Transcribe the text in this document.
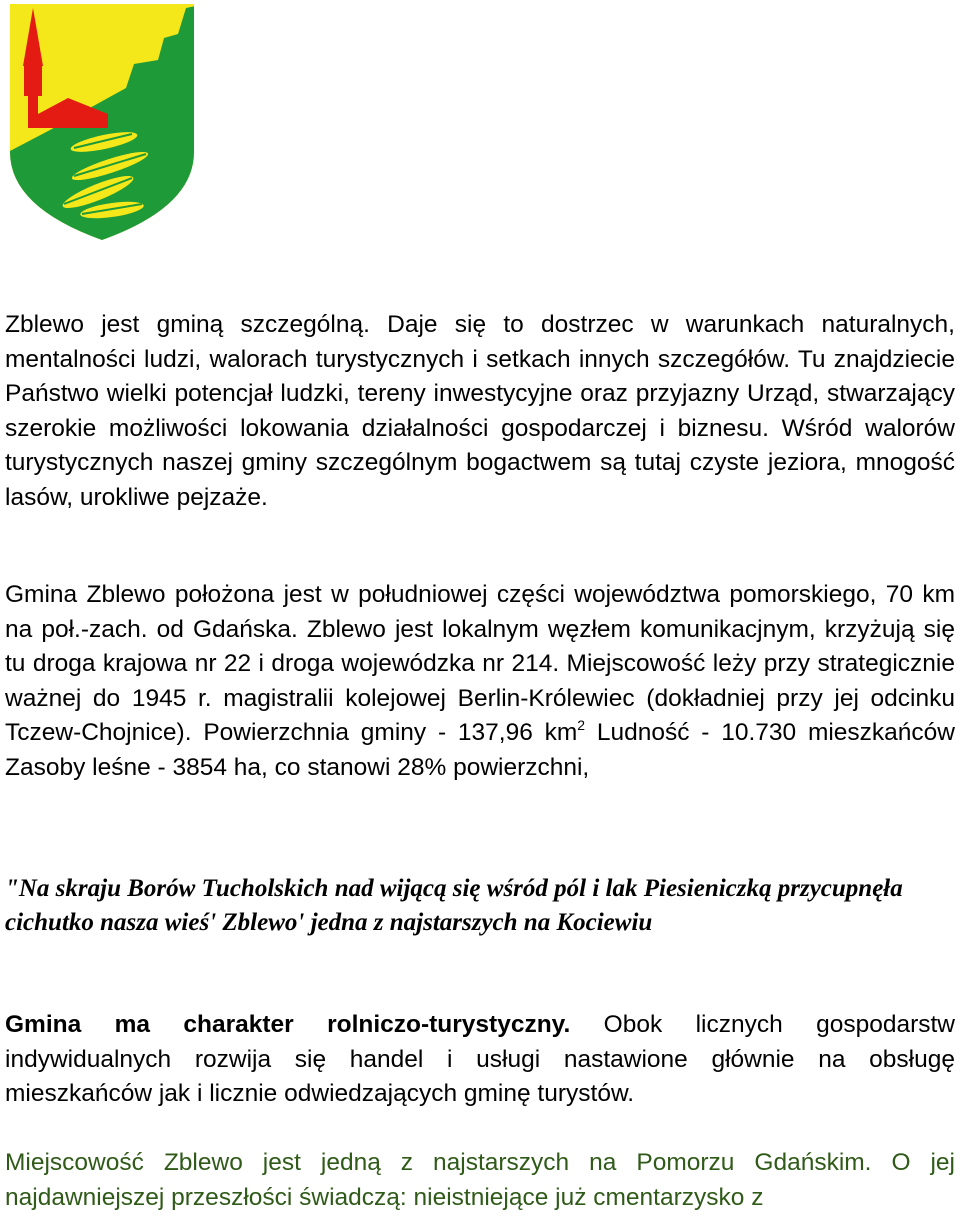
Zblewo jest gminą szczególną. Daje się to dostrzec w warunkach naturalnych, mentalności ludzi, walorach turystycznych i setkach innych szczegółów. Tu znajdziecie Państwo wielki potencjał ludzki, tereny inwestycyjne oraz przyjazny Urząd, stwarzający szerokie możliwości lokowania działalności gospodarczej i biznesu. Wśród walorów turystycznych naszej gminy szczególnym bogactwem są tutaj czyste jeziora, mnogość lasów, urokliwe pejzaże.

Gmina Zblewo położona jest w południowej części województwa pomorskiego, 70 km na poł.-zach. od Gdańska. Zblewo jest lokalnym węzłem komunikacjnym, krzyżują się tu droga krajowa nr 22 i droga wojewódzka nr 214. Miejscowość leży przy strategicznie ważnej do 1945 r. magistralii kolejowej Berlin-Królewiec (dokładniej przy jej odcinku Tczew-Chojnice). Powierzchnia gminy - 137,96 $km^2$ Ludność - 10.730 mieszkańców Zasoby leśne - 3854 ha, co stanowi 28% powierzchni,

"Na skraju Borów Tucholskich nad wijącą się wśród pól i lak Piesieniczką przycupnęła cichutko nasza wieś' Zblewo' jedna z najstarszych na Kociewiu

Gmina ma charakter rolniczo-turystyczny. Obok licznych gospodarstw indywidualnych rozwija się handel i usługi nastawione głównie na obsługę mieszkańców jak i licznie odwiedzających gminę turystów.

Miejscowość Zblewo jest jedną z najstarszych na Pomorzu Gdańskim. O jej najdawniejszej przeszłości świadczą: nieistniejące już cmentarzysko z
